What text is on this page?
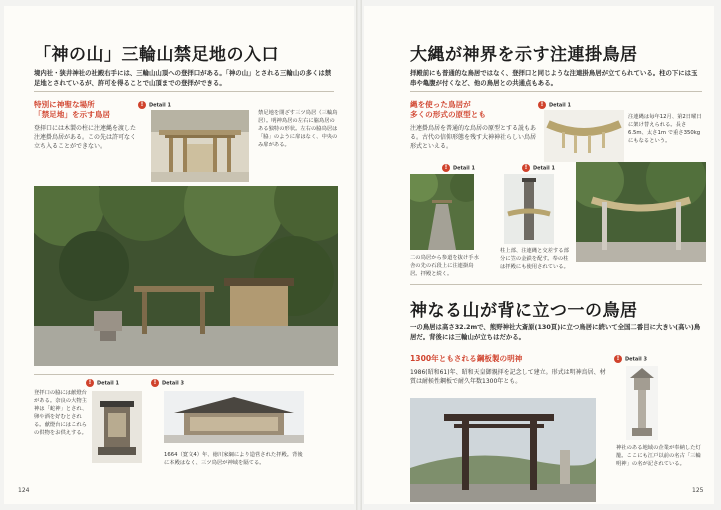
「神の山」三輪山禁足地の入口
境内社・狭井神社の社殿右手には、三輪山山頂への登拝口がある。「神の山」とされる三輪山の多くは禁足地とされているが、許可を得ることで山頂までの登拝ができる。
特別に神聖な場所
「禁足地」を示す鳥居
登拝口には木製の柱に注連縄を渡した注連掛鳥居がある。この先は許可なく立ち入ることができない。
! Detail 1
禁足地を閉ざす三ツ鳥居（三輪鳥居）。明神鳥居の左右に脇鳥居のある独特の形状。左右の脇鳥居は「脇」のように扉はなく、中央のみ扉がある。
! Detail 1	! Detail 3
登拝口の脇には献燈台がある。奈良の大物主神は「蛇神」とされ、卵や酒を好むとされる。献燈台にはこれらの供物をお供えする。
1664（寛文4）年、徳川家綱により造営された拝殿。背後に本殿はなく、三ツ鳥居が神域を隔てる。
124
大縄が神界を示す注連掛鳥居
拝殿前にも普通的な鳥居ではなく、登拝口と同じような注連掛鳥居が立てられている。柱の下には玉串や亀腹が付くなど、他の鳥居との共通点もある。
縄を使った鳥居が
多くの形式の原型とも
注連掛鳥居を普通的な鳥居の原型とする説もある。古代の信仰形態を残す大神神社らしい鳥居形式といえる。
! Detail 1
注連縄は毎年12月、第2日曜日に架け替えられる。長さ6.5m、太さ1m で重さ350kg にもなるという。
! Detail 1	! Detail 1
二の鳥居から参道を抜け手水舎の先の石段上に注連掛鳥居。拝殿と続く。
柱上部、注連縄と交差する部分に笠の金鉄を配す。奉の柱は拝殿にも使用されている。
神なる山が背に立つ一の鳥居
一の鳥居は高さ32.2mで、熊野神社大斎原(130頁)に立つ鳥居に続いて全国二番目に大きい(高い)鳥居だ。背後には三輪山が立ちはだかる。
1300年ともされる鋼板製の明神
1986(昭和61)年、昭和天皇御親拝を記念して建立。形式は明神鳥居、材質は耐候性鋼板で耐久年数1300年とも。
! Detail 3
神社のある地域の企業が奉納した灯籠。ここにも江戸以前の名古「三輪明神」の名が記されている。
125
